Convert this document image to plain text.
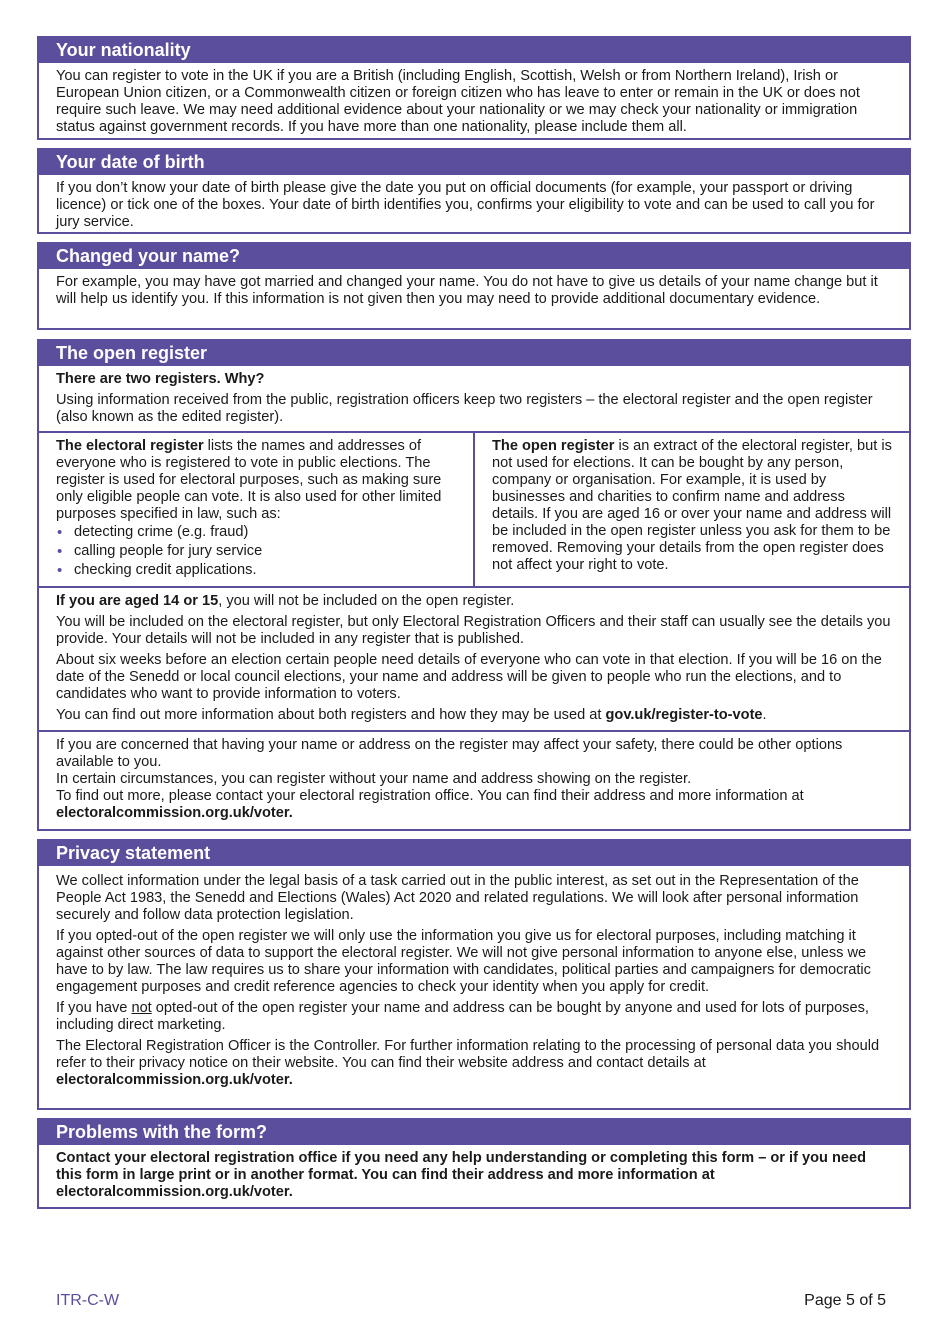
Your nationality

You can register to vote in the UK if you are a British (including English, Scottish, Welsh or from Northern Ireland), Irish or European Union citizen, or a Commonwealth citizen or foreign citizen who has leave to enter or remain in the UK or does not require such leave. We may need additional evidence about your nationality or we may check your nationality or immigration status against government records. If you have more than one nationality, please include them all.

Your date of birth

If you don’t know your date of birth please give the date you put on official documents (for example, your passport or driving licence) or tick one of the boxes. Your date of birth identifies you, confirms your eligibility to vote and can be used to call you for jury service.

Changed your name?

For example, you may have got married and changed your name. You do not have to give us details of your name change but it will help us identify you. If this information is not given then you may need to provide additional documentary evidence.

The open register

There are two registers. Why?

Using information received from the public, registration officers keep two registers – the electoral register and the open register (also known as the edited register).

The electoral register lists the names and addresses of everyone who is registered to vote in public elections. The register is used for electoral purposes, such as making sure only eligible people can vote. It is also used for other limited purposes specified in law, such as:
• detecting crime (e.g. fraud)
• calling people for jury service
• checking credit applications.
The open register is an extract of the electoral register, but is not used for elections. It can be bought by any person, company or organisation. For example, it is used by businesses and charities to confirm name and address details. If you are aged 16 or over your name and address will be included in the open register unless you ask for them to be removed. Removing your details from the open register does not affect your right to vote.

If you are aged 14 or 15, you will not be included on the open register.

You will be included on the electoral register, but only Electoral Registration Officers and their staff can usually see the details you provide. Your details will not be included in any register that is published.

About six weeks before an election certain people need details of everyone who can vote in that election. If you will be 16 on the date of the Senedd or local council elections, your name and address will be given to people who run the elections, and to candidates who want to provide information to voters.

You can find out more information about both registers and how they may be used at gov.uk/register-to-vote.

If you are concerned that having your name or address on the register may affect your safety, there could be other options available to you.

In certain circumstances, you can register without your name and address showing on the register.

To find out more, please contact your electoral registration office. You can find their address and more information at electoralcommission.org.uk/voter.

Privacy statement

We collect information under the legal basis of a task carried out in the public interest, as set out in the Representation of the People Act 1983, the Senedd and Elections (Wales) Act 2020 and related regulations. We will look after personal information securely and follow data protection legislation.

If you opted-out of the open register we will only use the information you give us for electoral purposes, including matching it against other sources of data to support the electoral register. We will not give personal information to anyone else, unless we have to by law. The law requires us to share your information with candidates, political parties and campaigners for democratic engagement purposes and credit reference agencies to check your identity when you apply for credit.

If you have not opted-out of the open register your name and address can be bought by anyone and used for lots of purposes, including direct marketing.

The Electoral Registration Officer is the Controller. For further information relating to the processing of personal data you should refer to their privacy notice on their website. You can find their website address and contact details at electoralcommission.org.uk/voter.

Problems with the form?

Contact your electoral registration office if you need any help understanding or completing this form – or if you need this form in large print or in another format. You can find their address and more information at electoralcommission.org.uk/voter.

ITR-C-W	Page 5 of 5
